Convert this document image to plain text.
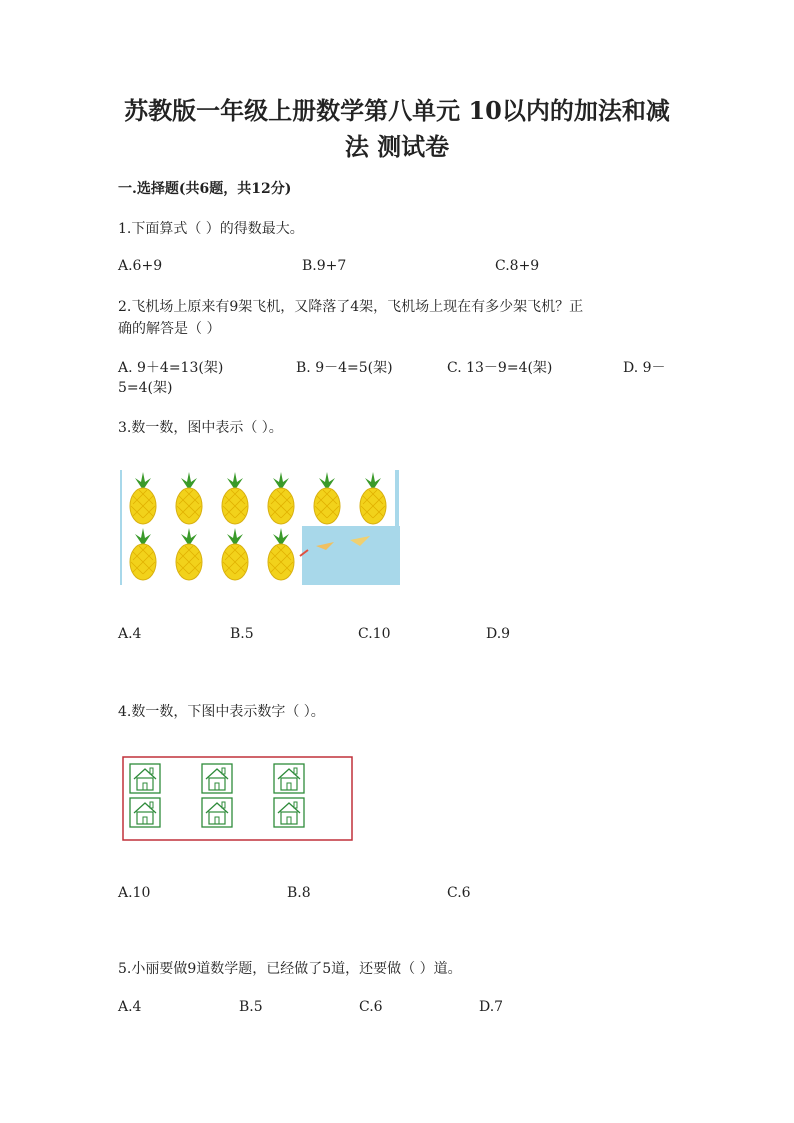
苏教版一年级上册数学第八单元 10以内的加法和减
法 测试卷
一.选择题(共6题，共12分)
1.下面算式（ ）的得数最大。
A.6+9	B.9+7	C.8+9
2.飞机场上原来有9架飞机，又降落了4架，飞机场上现在有多少架飞机？正
确的解答是（ ）
A. 9＋4=13(架)	B. 9－4=5(架)	C. 13－9=4(架)	D. 9－
5=4(架)
3.数一数，图中表示（ ）。
A.4	B.5	C.10	D.9
4.数一数，下图中表示数字（ ）。
A.10	B.8	C.6
5.小丽要做9道数学题，已经做了5道，还要做（ ）道。
A.4	B.5	C.6	D.7
